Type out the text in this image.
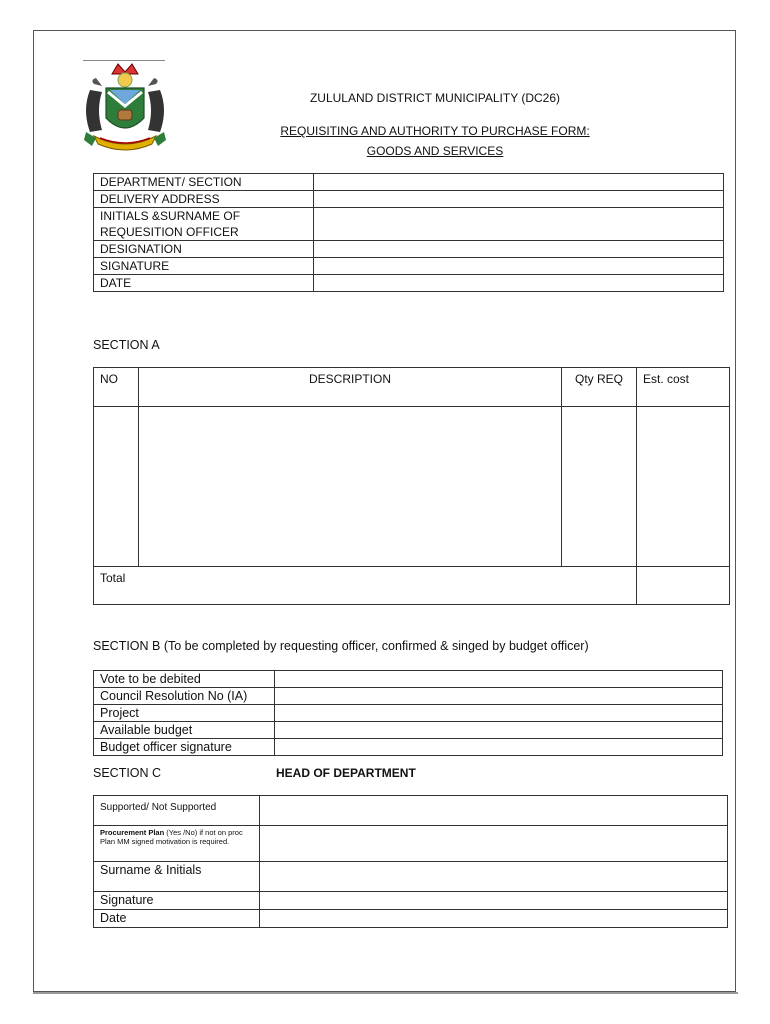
ZULULAND DISTRICT MUNICIPALITY (DC26)
REQUISITING AND AUTHORITY TO PURCHASE FORM:
GOODS AND SERVICES
DEPARTMENT/ SECTION	
DELIVERY ADDRESS	
INITIALS &SURNAME OF
REQUESITION OFFICER	
DESIGNATION	
SIGNATURE	
DATE	
SECTION A
NO	DESCRIPTION	Qty REQ	Est. cost

Total			
SECTION B (To be completed by requesting officer, confirmed & singed by budget officer)
Vote to be debited	
Council Resolution No (IA)	
Project	
Available budget	
Budget officer signature	
SECTION C	HEAD OF DEPARTMENT
Supported/ Not Supported	
Procurement Plan (Yes /No) if not on proc Plan MM signed motivation is required.	
Surname & Initials	
Signature	
Date	
